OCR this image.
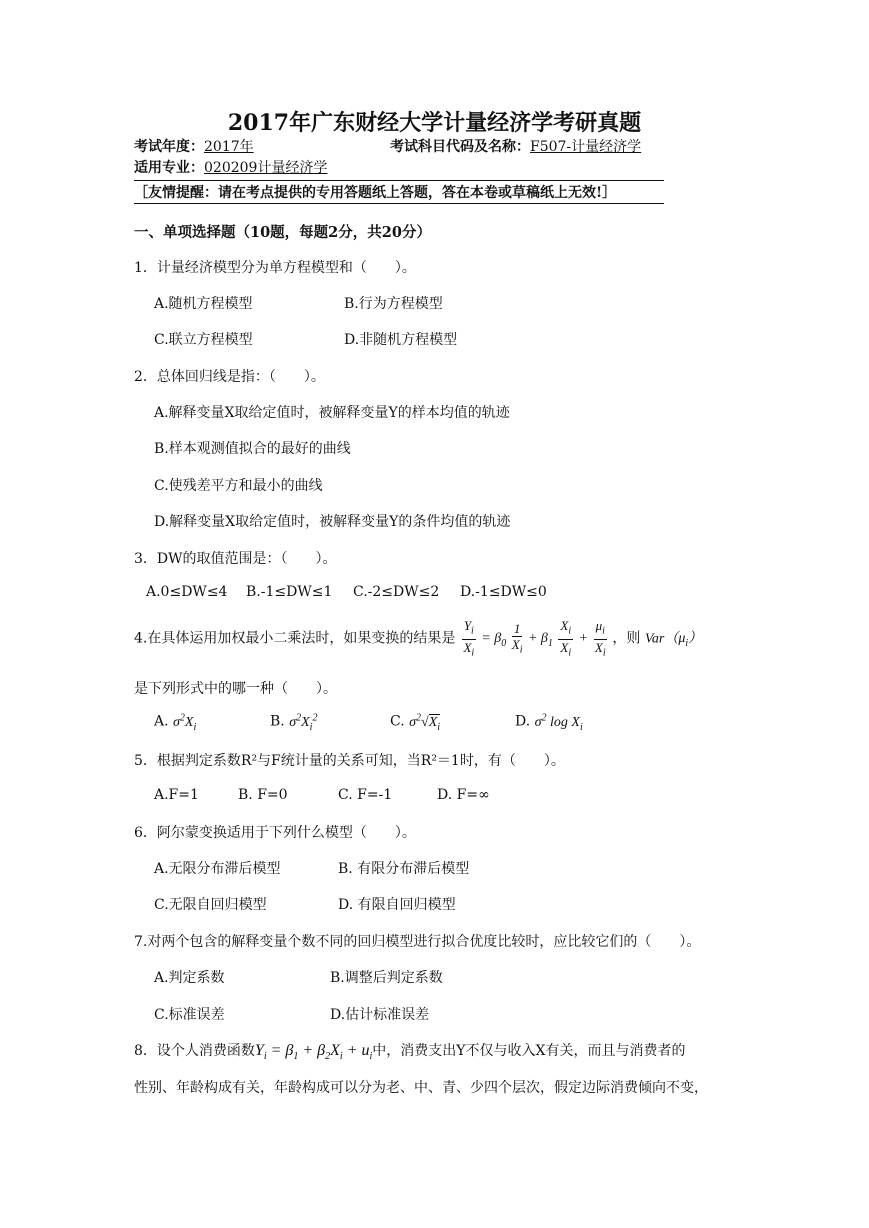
2017年广东财经大学计量经济学考研真题
考试年度：2017年	考试科目代码及名称：F507-计量经济学
适用专业：020209计量经济学
［友情提醒：请在考点提供的专用答题纸上答题，答在本卷或草稿纸上无效!］
一、单项选择题（10题，每题2分，共20分）
1．计量经济模型分为单方程模型和（　　）。
A.随机方程模型	B.行为方程模型
C.联立方程模型	D.非随机方程模型
2．总体回归线是指：（　　）。
A.解释变量X取给定值时，被解释变量Y的样本均值的轨迹
B.样本观测值拟合的最好的曲线
C.使残差平方和最小的曲线
D.解释变量X取给定值时，被解释变量Y的条件均值的轨迹
3．DW的取值范围是：（　　）。
A.0≤DW≤4 B.-1≤DW≤1 C.-2≤DW≤2 D.-1≤DW≤0
4.在具体运用加权最小二乘法时，如果变换的结果是 $\frac{Y_i}{X_i} = \beta_0 \frac{1}{X_i} + \beta_1 \frac{X_i}{X_i} + \frac{\mu_i}{X_i}$ ，则 $Var(\mu_i)$
是下列形式中的哪一种（　　）。
A. $\sigma^2X_i$	B. $\sigma^2X_i^2$	C. $\sigma^2√X_i$	D. $\sigma^2$ $\log X_i$
5．根据判定系数R²与F统计量的关系可知，当R²＝1时，有（　　）。
A.F=1	B. F=0	C. F=-1	D. F=∞
6．阿尔蒙变换适用于下列什么模型（　　）。
A.无限分布滞后模型	B. 有限分布滞后模型
C.无限自回归模型	D. 有限自回归模型
7.对两个包含的解释变量个数不同的回归模型进行拟合优度比较时，应比较它们的（　　）。
A.判定系数	B.调整后判定系数
C.标准误差	D.估计标准误差
8．设个人消费函数$Y_i = \beta_1 + \beta_2X_i + u_i$中，消费支出Y不仅与收入X有关，而且与消费者的
性别、年龄构成有关，年龄构成可以分为老、中、青、少四个层次，假定边际消费倾向不变，
